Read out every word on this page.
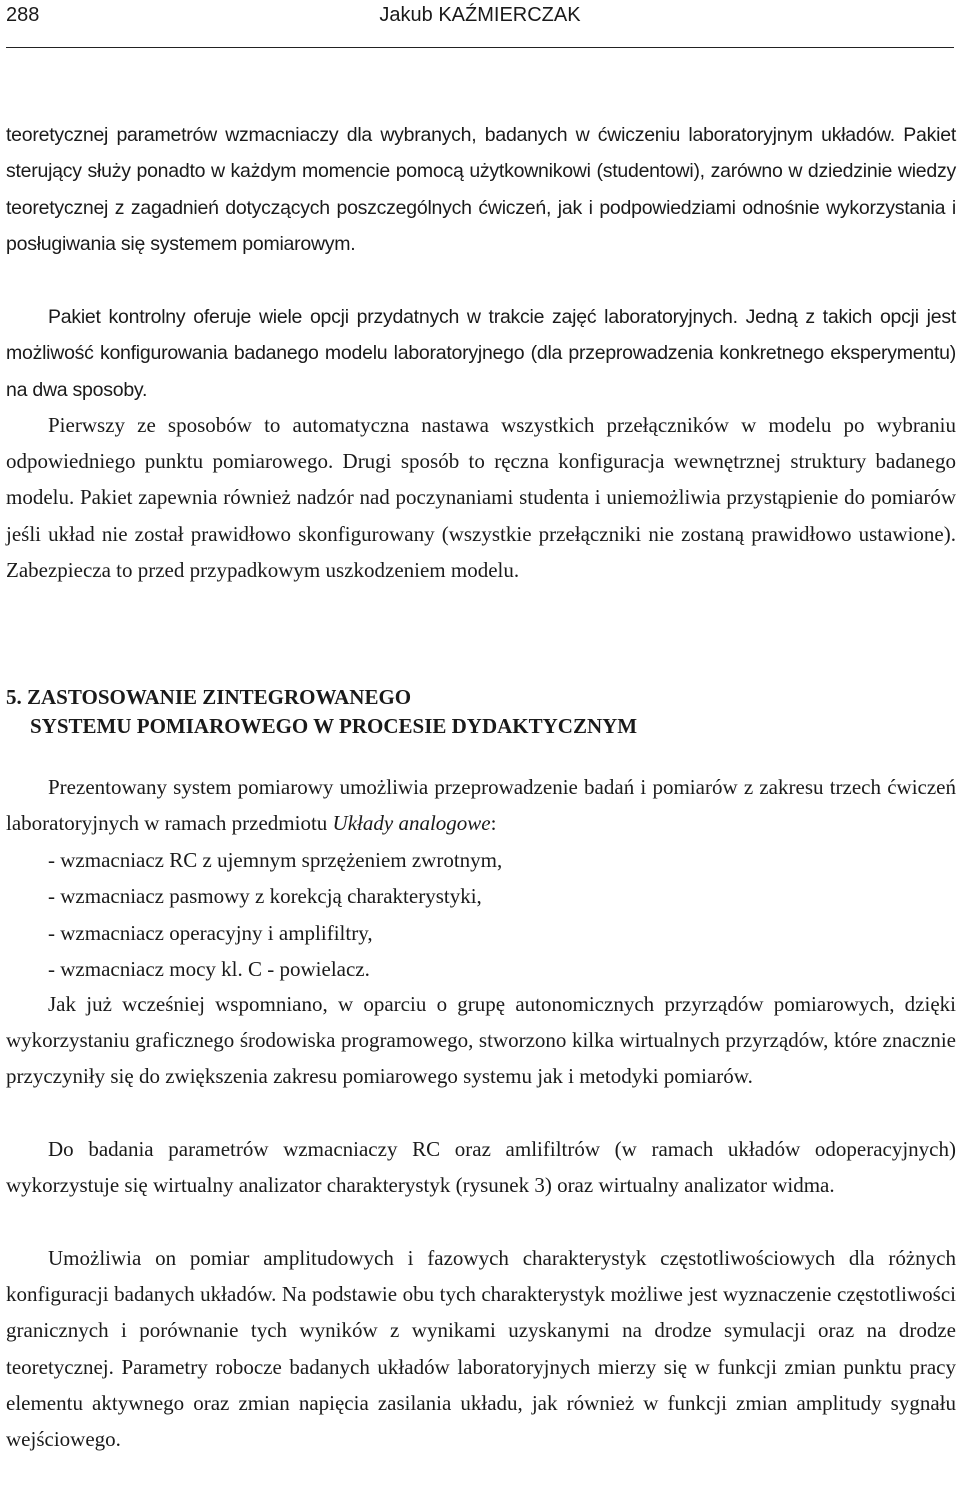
288	Jakub KAŹMIERCZAK

teoretycznej parametrów wzmacniaczy dla wybranych, badanych w ćwiczeniu laboratoryjnym układów. Pakiet sterujący służy ponadto w każdym momencie pomocą użytkownikowi (studentowi), zarówno w dziedzinie wiedzy teoretycznej z zagadnień dotyczących poszczególnych ćwiczeń, jak i podpowiedziami odnośnie wykorzystania i posługiwania się systemem pomiarowym.

Pakiet kontrolny oferuje wiele opcji przydatnych w trakcie zajęć laboratoryjnych. Jedną z takich opcji jest możliwość konfigurowania badanego modelu laboratoryjnego (dla przeprowadzenia konkretnego eksperymentu) na dwa sposoby.

Pierwszy ze sposobów to automatyczna nastawa wszystkich przełączników w modelu po wybraniu odpowiedniego punktu pomiarowego. Drugi sposób to ręczna konfiguracja wewnętrznej struktury badanego modelu. Pakiet zapewnia również nadzór nad poczynaniami studenta i uniemożliwia przystąpienie do pomiarów jeśli układ nie został prawidłowo skonfigurowany (wszystkie przełączniki nie zostaną prawidłowo ustawione). Zabezpiecza to przed przypadkowym uszkodzeniem modelu.

5. ZASTOSOWANIE ZINTEGROWANEGO
SYSTEMU POMIAROWEGO W PROCESIE DYDAKTYCZNYM

Prezentowany system pomiarowy umożliwia przeprowadzenie badań i pomiarów z zakresu trzech ćwiczeń laboratoryjnych w ramach przedmiotu Układy analogowe:

- wzmacniacz RC z ujemnym sprzężeniem zwrotnym,
- wzmacniacz pasmowy z korekcją charakterystyki,
- wzmacniacz operacyjny i amplifiltry,
- wzmacniacz mocy kl. C - powielacz.

Jak już wcześniej wspomniano, w oparciu o grupę autonomicznych przyrządów pomiarowych, dzięki wykorzystaniu graficznego środowiska programowego, stworzono kilka wirtualnych przyrządów, które znacznie przyczyniły się do zwiększenia zakresu pomiarowego systemu jak i metodyki pomiarów.

Do badania parametrów wzmacniaczy RC oraz amlifiltrów (w ramach układów odoperacyjnych) wykorzystuje się wirtualny analizator charakterystyk (rysunek 3) oraz wirtualny analizator widma.

Umożliwia on pomiar amplitudowych i fazowych charakterystyk częstotliwościowych dla różnych konfiguracji badanych układów. Na podstawie obu tych charakterystyk możliwe jest wyznaczenie częstotliwości granicznych i porównanie tych wyników z wynikami uzyskanymi na drodze symulacji oraz na drodze teoretycznej. Parametry robocze badanych układów laboratoryjnych mierzy się w funkcji zmian punktu pracy elementu aktywnego oraz zmian napięcia zasilania układu, jak również w funkcji zmian amplitudy sygnału wejściowego.
